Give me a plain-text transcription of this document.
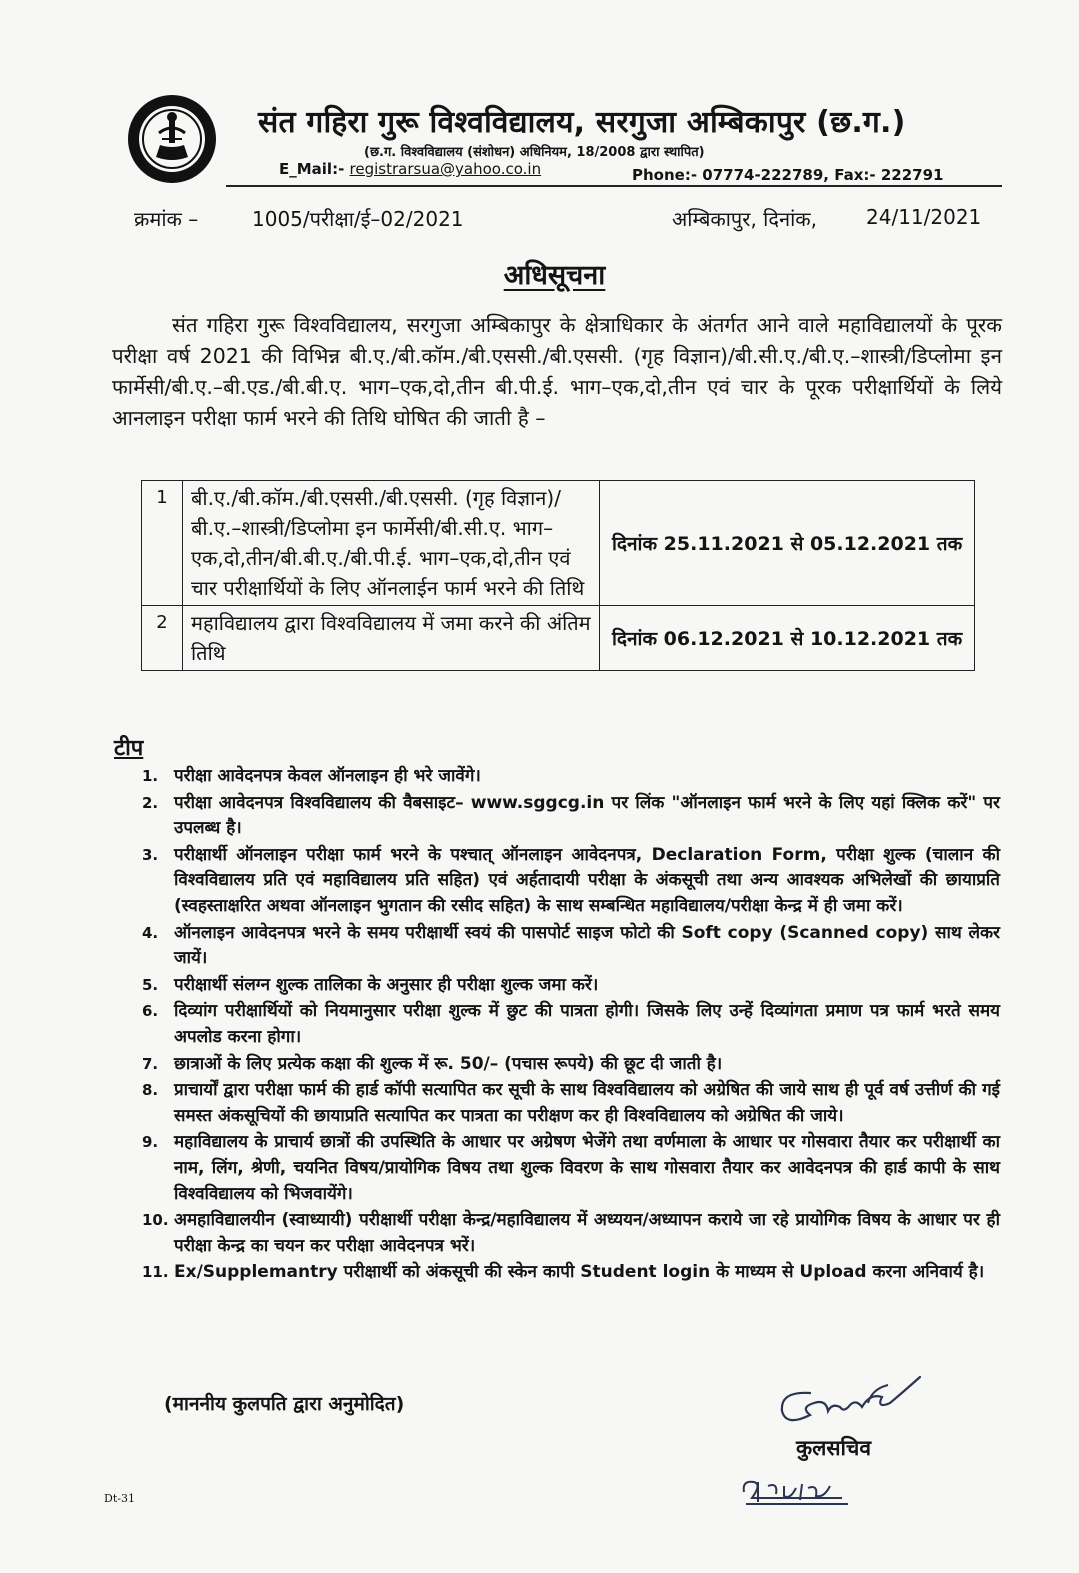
संत गहिरा गुरू विश्वविद्यालय, सरगुजा अम्बिकापुर (छ.ग.)
(छ.ग. विश्वविद्यालय (संशोधन) अधिनियम, 18/2008 द्वारा स्थापित)
E_Mail:- registrarsua@yahoo.co.in	Phone:- 07774-222789, Fax:- 222791
क्रमांक –	1005/परीक्षा/ई–02/2021	अम्बिकापुर, दिनांक, 24/11/2021
अधिसूचना
संत गहिरा गुरू विश्वविद्यालय, सरगुजा अम्बिकापुर के क्षेत्राधिकार के अंतर्गत आने वाले महाविद्यालयों के पूरक परीक्षा वर्ष 2021 की विभिन्न बी.ए./बी.कॉम./बी.एससी./बी.एससी. (गृह विज्ञान)/बी.सी.ए./बी.ए.–शास्त्री/डिप्लोमा इन फार्मेसी/बी.ए.–बी.एड./बी.बी.ए. भाग–एक,दो,तीन बी.पी.ई. भाग–एक,दो,तीन एवं चार के पूरक परीक्षार्थियों के लिये आनलाइन परीक्षा फार्म भरने की तिथि घोषित की जाती है –
1	बी.ए./बी.कॉम./बी.एससी./बी.एससी. (गृह विज्ञान)/बी.ए.–शास्त्री/डिप्लोमा इन फार्मेसी/बी.सी.ए. भाग–एक,दो,तीन/बी.बी.ए./बी.पी.ई. भाग–एक,दो,तीन एवं चार परीक्षार्थियों के लिए ऑनलाईन फार्म भरने की तिथि	दिनांक 25.11.2021 से 05.12.2021 तक
2	महाविद्यालय द्वारा विश्वविद्यालय में जमा करने की अंतिम तिथि	दिनांक 06.12.2021 से 10.12.2021 तक
टीप
1. परीक्षा आवेदनपत्र केवल ऑनलाइन ही भरे जावेंगे।
2. परीक्षा आवेदनपत्र विश्वविद्यालय की वैबसाइट– www.sggcg.in पर लिंक "ऑनलाइन फार्म भरने के लिए यहां क्लिक करें" पर उपलब्ध है।
3. परीक्षार्थी ऑनलाइन परीक्षा फार्म भरने के पश्चात् ऑनलाइन आवेदनपत्र, Declaration Form, परीक्षा शुल्क (चालान की विश्वविद्यालय प्रति एवं महाविद्यालय प्रति सहित) एवं अर्हतादायी परीक्षा के अंकसूची तथा अन्य आवश्यक अभिलेखों की छायाप्रति (स्वहस्ताक्षरित अथवा ऑनलाइन भुगतान की रसीद सहित) के साथ सम्बन्धित महाविद्यालय/परीक्षा केन्द्र में ही जमा करें।
4. ऑनलाइन आवेदनपत्र भरने के समय परीक्षार्थी स्वयं की पासपोर्ट साइज फोटो की Soft copy (Scanned copy) साथ लेकर जायें।
5. परीक्षार्थी संलग्न शुल्क तालिका के अनुसार ही परीक्षा शुल्क जमा करें।
6. दिव्यांग परीक्षार्थियों को नियमानुसार परीक्षा शुल्क में छुट की पात्रता होगी। जिसके लिए उन्हें दिव्यांगता प्रमाण पत्र फार्म भरते समय अपलोड करना होगा।
7. छात्राओं के लिए प्रत्येक कक्षा की शुल्क में रू. 50/– (पचास रूपये) की छूट दी जाती है।
8. प्राचार्यों द्वारा परीक्षा फार्म की हार्ड कॉपी सत्यापित कर सूची के साथ विश्वविद्यालय को अग्रेषित की जाये साथ ही पूर्व वर्ष उत्तीर्ण की गई समस्त अंकसूचियों की छायाप्रति सत्यापित कर पात्रता का परीक्षण कर ही विश्वविद्यालय को अग्रेषित की जाये।
9. महाविद्यालय के प्राचार्य छात्रों की उपस्थिति के आधार पर अग्रेषण भेजेंगे तथा वर्णमाला के आधार पर गोसवारा तैयार कर परीक्षार्थी का नाम, लिंग, श्रेणी, चयनित विषय/प्रायोगिक विषय तथा शुल्क विवरण के साथ गोसवारा तैयार कर आवेदनपत्र की हार्ड कापी के साथ विश्वविद्यालय को भिजवायेंगे।
10. अमहाविद्यालयीन (स्वाध्यायी) परीक्षार्थी परीक्षा केन्द्र/महाविद्यालय में अध्ययन/अध्यापन कराये जा रहे प्रायोगिक विषय के आधार पर ही परीक्षा केन्द्र का चयन कर परीक्षा आवेदनपत्र भरें।
11. Ex/Supplemantry परीक्षार्थी को अंकसूची की स्केन कापी Student login के माध्यम से Upload करना अनिवार्य है।
(माननीय कुलपति द्वारा अनुमोदित)
कुलसचिव
Dt-31
